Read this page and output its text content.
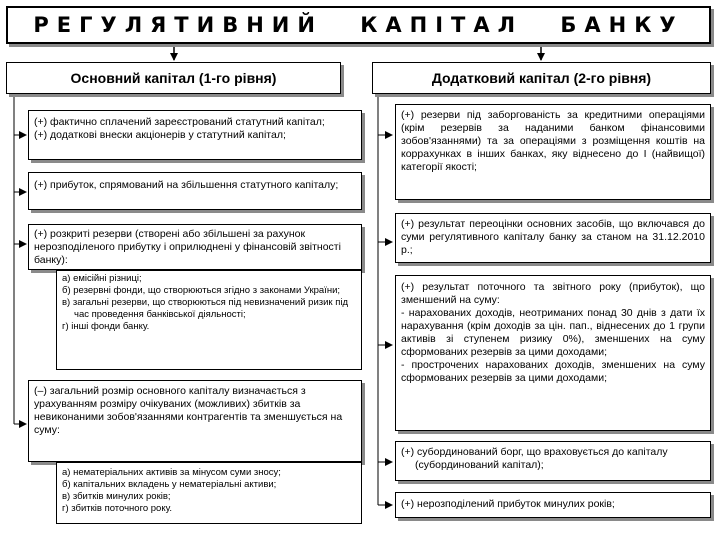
РЕГУЛЯТИВНИЙ КАПІТАЛ БАНКУ
Основний капітал (1-го рівня)	Додатковий капітал (2-го рівня)

(+) фактично сплачений зареєстрований статутний капітал;

(+) додаткові внески акціонерів у статутний капітал;

(+) прибуток, спрямований на збільшення статутного капіталу;

(+) розкриті резерви (створені або збільшені за рахунок нерозподіленого прибутку і оприлюднені у фінансовій звітності банку):

а) емісійні різниці;

б) резервні фонди, що створюються згідно з законами України;

в) загальні резерви, що створюються під невизначений ризик під час проведення банківської діяльності;

г) інші фонди банку.

(–) загальний розмір основного капіталу визначається з урахуванням розміру очікуваних (можливих) збитків за невиконаними зобов'язаннями контрагентів та зменшується на суму:

а) нематеріальних активів за мінусом суми зносу;

б) капітальних вкладень у нематеріальні активи;

в) збитків минулих років;

г) збитків поточного року.

(+) резерви під заборгованість за кредитними операціями (крім резервів за наданими банком фінансовими зобов'язаннями) та за операціями з розміщення коштів на коррахунках в інших банках, яку віднесено до I (найвищої) категорії якості;

(+) результат переоцінки основних засобів, що включався до суми регулятивного капіталу банку за станом на 31.12.2010 р.;

(+) результат поточного та звітного року (прибуток), що зменшений на суму:

- нарахованих доходів, неотриманих понад 30 днів з дати їх нарахування (крім доходів за цін. пап., віднесених до 1 групи активів зі ступенем ризику 0%), зменшених на суму сформованих резервів за цими доходами;

- прострочених нарахованих доходів, зменшених на суму сформованих резервів за цими доходами;

(+) субординований борг, що враховується до капіталу (субординований капітал);

(+) нерозподілений прибуток минулих років;
